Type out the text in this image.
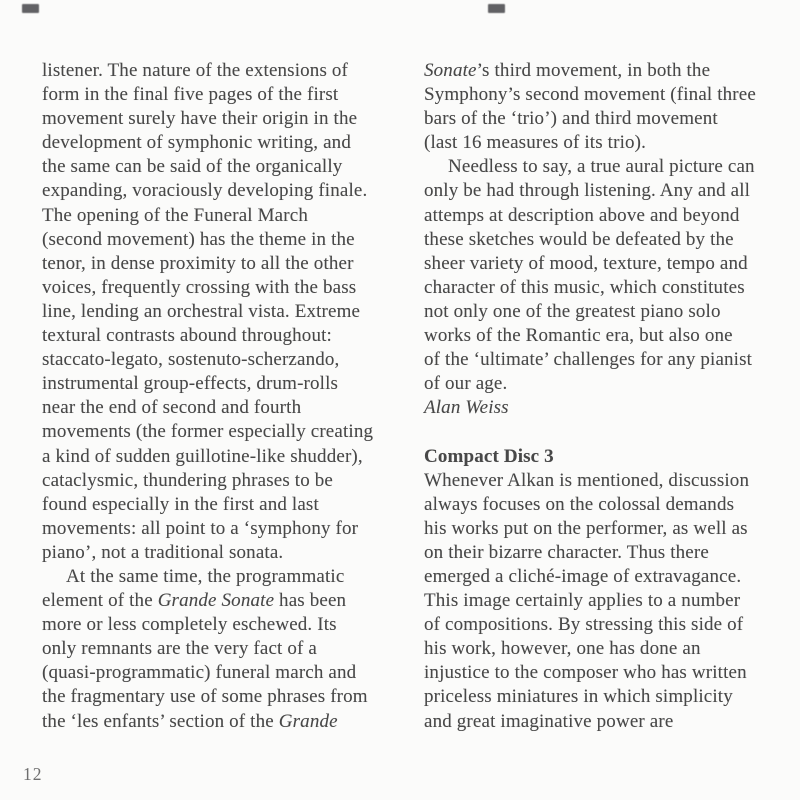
listener. The nature of the extensions of
form in the final five pages of the first
movement surely have their origin in the
development of symphonic writing, and
the same can be said of the organically
expanding, voraciously developing finale.
The opening of the Funeral March
(second movement) has the theme in the
tenor, in dense proximity to all the other
voices, frequently crossing with the bass
line, lending an orchestral vista. Extreme
textural contrasts abound throughout:
staccato-legato, sostenuto-scherzando,
instrumental group-effects, drum-rolls
near the end of second and fourth
movements (the former especially creating
a kind of sudden guillotine-like shudder),
cataclysmic, thundering phrases to be
found especially in the first and last
movements: all point to a ‘symphony for
piano’, not a traditional sonata.
At the same time, the programmatic
element of the Grande Sonate has been
more or less completely eschewed. Its
only remnants are the very fact of a
(quasi-programmatic) funeral march and
the fragmentary use of some phrases from
the ‘les enfants’ section of the Grande
Sonate’s third movement, in both the
Symphony’s second movement (final three
bars of the ‘trio’) and third movement
(last 16 measures of its trio).
Needless to say, a true aural picture can
only be had through listening. Any and all
attemps at description above and beyond
these sketches would be defeated by the
sheer variety of mood, texture, tempo and
character of this music, which constitutes
not only one of the greatest piano solo
works of the Romantic era, but also one
of the ‘ultimate’ challenges for any pianist
of our age.
Alan Weiss

Compact Disc 3
Whenever Alkan is mentioned, discussion
always focuses on the colossal demands
his works put on the performer, as well as
on their bizarre character. Thus there
emerged a cliché-image of extravagance.
This image certainly applies to a number
of compositions. By stressing this side of
his work, however, one has done an
injustice to the composer who has written
priceless miniatures in which simplicity
and great imaginative power are
12
